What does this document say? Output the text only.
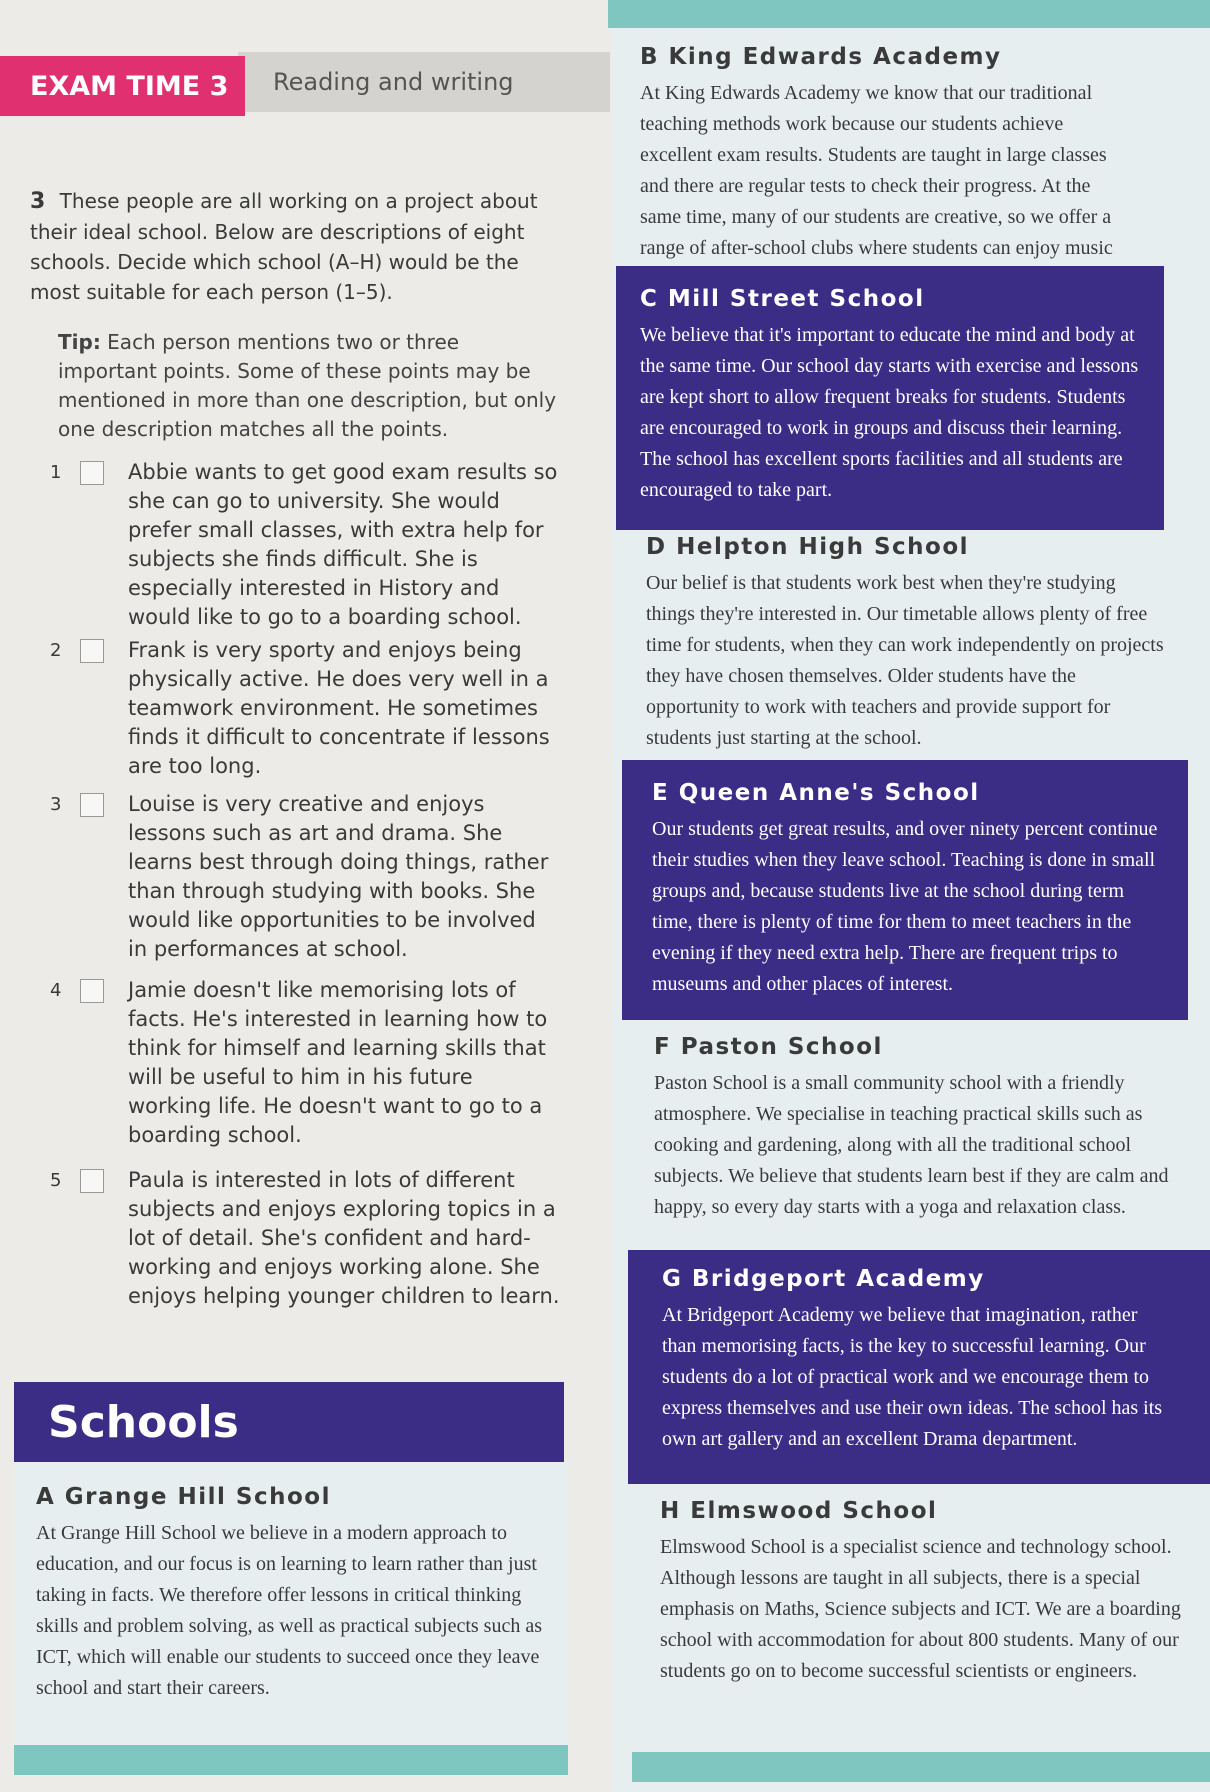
Reading and writing
EXAM TIME 3
3 These people are all working on a project about their ideal school. Below are descriptions of eight schools. Decide which school (A–H) would be the most suitable for each person (1–5).
Tip: Each person mentions two or three important points. Some of these points may be mentioned in more than one description, but only one description matches all the points.
1	Abbie wants to get good exam results so she can go to university. She would prefer small classes, with extra help for subjects she finds difficult. She is especially interested in History and would like to go to a boarding school.
2	Frank is very sporty and enjoys being physically active. He does very well in a teamwork environment. He sometimes finds it difficult to concentrate if lessons are too long.
3	Louise is very creative and enjoys lessons such as art and drama. She learns best through doing things, rather than through studying with books. She would like opportunities to be involved in performances at school.
4	Jamie doesn't like memorising lots of facts. He's interested in learning how to think for himself and learning skills that will be useful to him in his future working life. He doesn't want to go to a boarding school.
5	Paula is interested in lots of different subjects and enjoys exploring topics in a lot of detail. She's confident and hard-working and enjoys working alone. She enjoys helping younger children to learn.
Schools
A Grange Hill School

At Grange Hill School we believe in a modern approach to education, and our focus is on learning to learn rather than just taking in facts. We therefore offer lessons in critical thinking skills and problem solving, as well as practical subjects such as ICT, which will enable our students to succeed once they leave school and start their careers.

B King Edwards Academy

At King Edwards Academy we know that our traditional teaching methods work because our students achieve excellent exam results. Students are taught in large classes and there are regular tests to check their progress. At the same time, many of our students are creative, so we offer a range of after-school clubs where students can enjoy music

C Mill Street School

We believe that it's important to educate the mind and body at the same time. Our school day starts with exercise and lessons are kept short to allow frequent breaks for students. Students are encouraged to work in groups and discuss their learning. The school has excellent sports facilities and all students are encouraged to take part.

D Helpton High School

Our belief is that students work best when they're studying things they're interested in. Our timetable allows plenty of free time for students, when they can work independently on projects they have chosen themselves. Older students have the opportunity to work with teachers and provide support for students just starting at the school.

E Queen Anne's School

Our students get great results, and over ninety percent continue their studies when they leave school. Teaching is done in small groups and, because students live at the school during term time, there is plenty of time for them to meet teachers in the evening if they need extra help. There are frequent trips to museums and other places of interest.

F Paston School

Paston School is a small community school with a friendly atmosphere. We specialise in teaching practical skills such as cooking and gardening, along with all the traditional school subjects. We believe that students learn best if they are calm and happy, so every day starts with a yoga and relaxation class.

G Bridgeport Academy

At Bridgeport Academy we believe that imagination, rather than memorising facts, is the key to successful learning. Our students do a lot of practical work and we encourage them to express themselves and use their own ideas. The school has its own art gallery and an excellent Drama department.

H Elmswood School

Elmswood School is a specialist science and technology school. Although lessons are taught in all subjects, there is a special emphasis on Maths, Science subjects and ICT. We are a boarding school with accommodation for about 800 students. Many of our students go on to become successful scientists or engineers.
